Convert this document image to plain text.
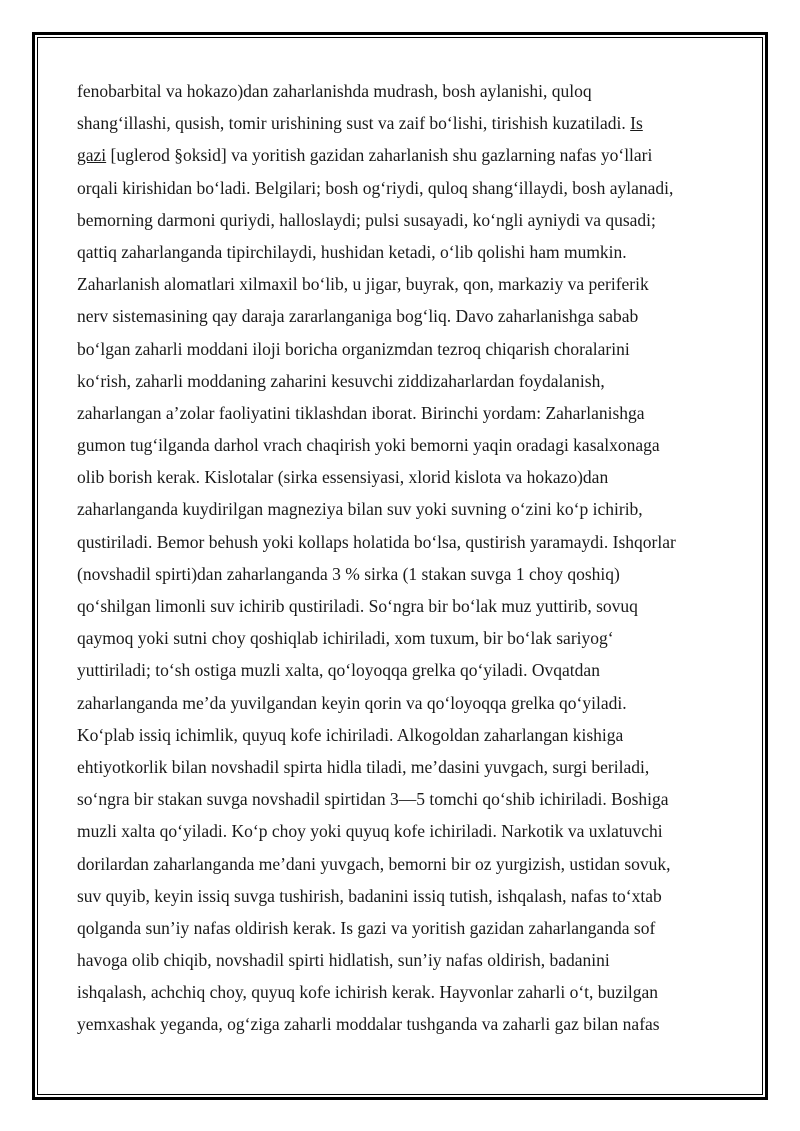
fenobarbital va hokazo)dan zaharlanishda mudrash, bosh aylanishi, quloq
shang‘illashi, qusish, tomir urishining sust va zaif bo‘lishi, tirishish kuzatiladi. Is
gazi [uglerod §oksid] va yoritish gazidan zaharlanish shu gazlarning nafas yo‘llari
orqali kirishidan bo‘ladi. Belgilari; bosh og‘riydi, quloq shang‘illaydi, bosh aylanadi,
bemorning darmoni quriydi, halloslaydi; pulsi susayadi, ko‘ngli ayniydi va qusadi;
qattiq zaharlanganda tipirchilaydi, hushidan ketadi, o‘lib qolishi ham mumkin.
Zaharlanish alomatlari xilmaxil bo‘lib, u jigar, buyrak, qon, markaziy va periferik
nerv sistemasining qay daraja zararlanganiga bog‘liq. Davo zaharlanishga sabab
bo‘lgan zaharli moddani iloji boricha organizmdan tezroq chiqarish choralarini
ko‘rish, zaharli moddaning zaharini kesuvchi ziddizaharlardan foydalanish,
zaharlangan a’zolar faoliyatini tiklashdan iborat. Birinchi yordam: Zaharlanishga
gumon tug‘ilganda darhol vrach chaqirish yoki bemorni yaqin oradagi kasalxonaga
olib borish kerak. Kislotalar (sirka essensiyasi, xlorid kislota va hokazo)dan
zaharlanganda kuydirilgan magneziya bilan suv yoki suvning o‘zini ko‘p ichirib,
qustiriladi. Bemor behush yoki kollaps holatida bo‘lsa, qustirish yaramaydi. Ishqorlar
(novshadil spirti)dan zaharlanganda 3 % sirka (1 stakan suvga 1 choy qoshiq)
qo‘shilgan limonli suv ichirib qustiriladi. So‘ngra bir bo‘lak muz yuttirib, sovuq
qaymoq yoki sutni choy qoshiqlab ichiriladi, xom tuxum, bir bo‘lak sariyog‘
yuttiriladi; to‘sh ostiga muzli xalta, qo‘loyoqqa grelka qo‘yiladi. Ovqatdan
zaharlanganda me’da yuvilgandan keyin qorin va qo‘loyoqqa grelka qo‘yiladi.
Ko‘plab issiq ichimlik, quyuq kofe ichiriladi. Alkogoldan zaharlangan kishiga
ehtiyotkorlik bilan novshadil spirta hidla tiladi, me’dasini yuvgach, surgi beriladi,
so‘ngra bir stakan suvga novshadil spirtidan 3—5 tomchi qo‘shib ichiriladi. Boshiga
muzli xalta qo‘yiladi. Ko‘p choy yoki quyuq kofe ichiriladi. Narkotik va uxlatuvchi
dorilardan zaharlanganda me’dani yuvgach, bemorni bir oz yurgizish, ustidan sovuk,
suv quyib, keyin issiq suvga tushirish, badanini issiq tutish, ishqalash, nafas to‘xtab
qolganda sun’iy nafas oldirish kerak. Is gazi va yoritish gazidan zaharlanganda sof
havoga olib chiqib, novshadil spirti hidlatish, sun’iy nafas oldirish, badanini
ishqalash, achchiq choy, quyuq kofe ichirish kerak. Hayvonlar zaharli o‘t, buzilgan
yemxashak yeganda, og‘ziga zaharli moddalar tushganda va zaharli gaz bilan nafas
